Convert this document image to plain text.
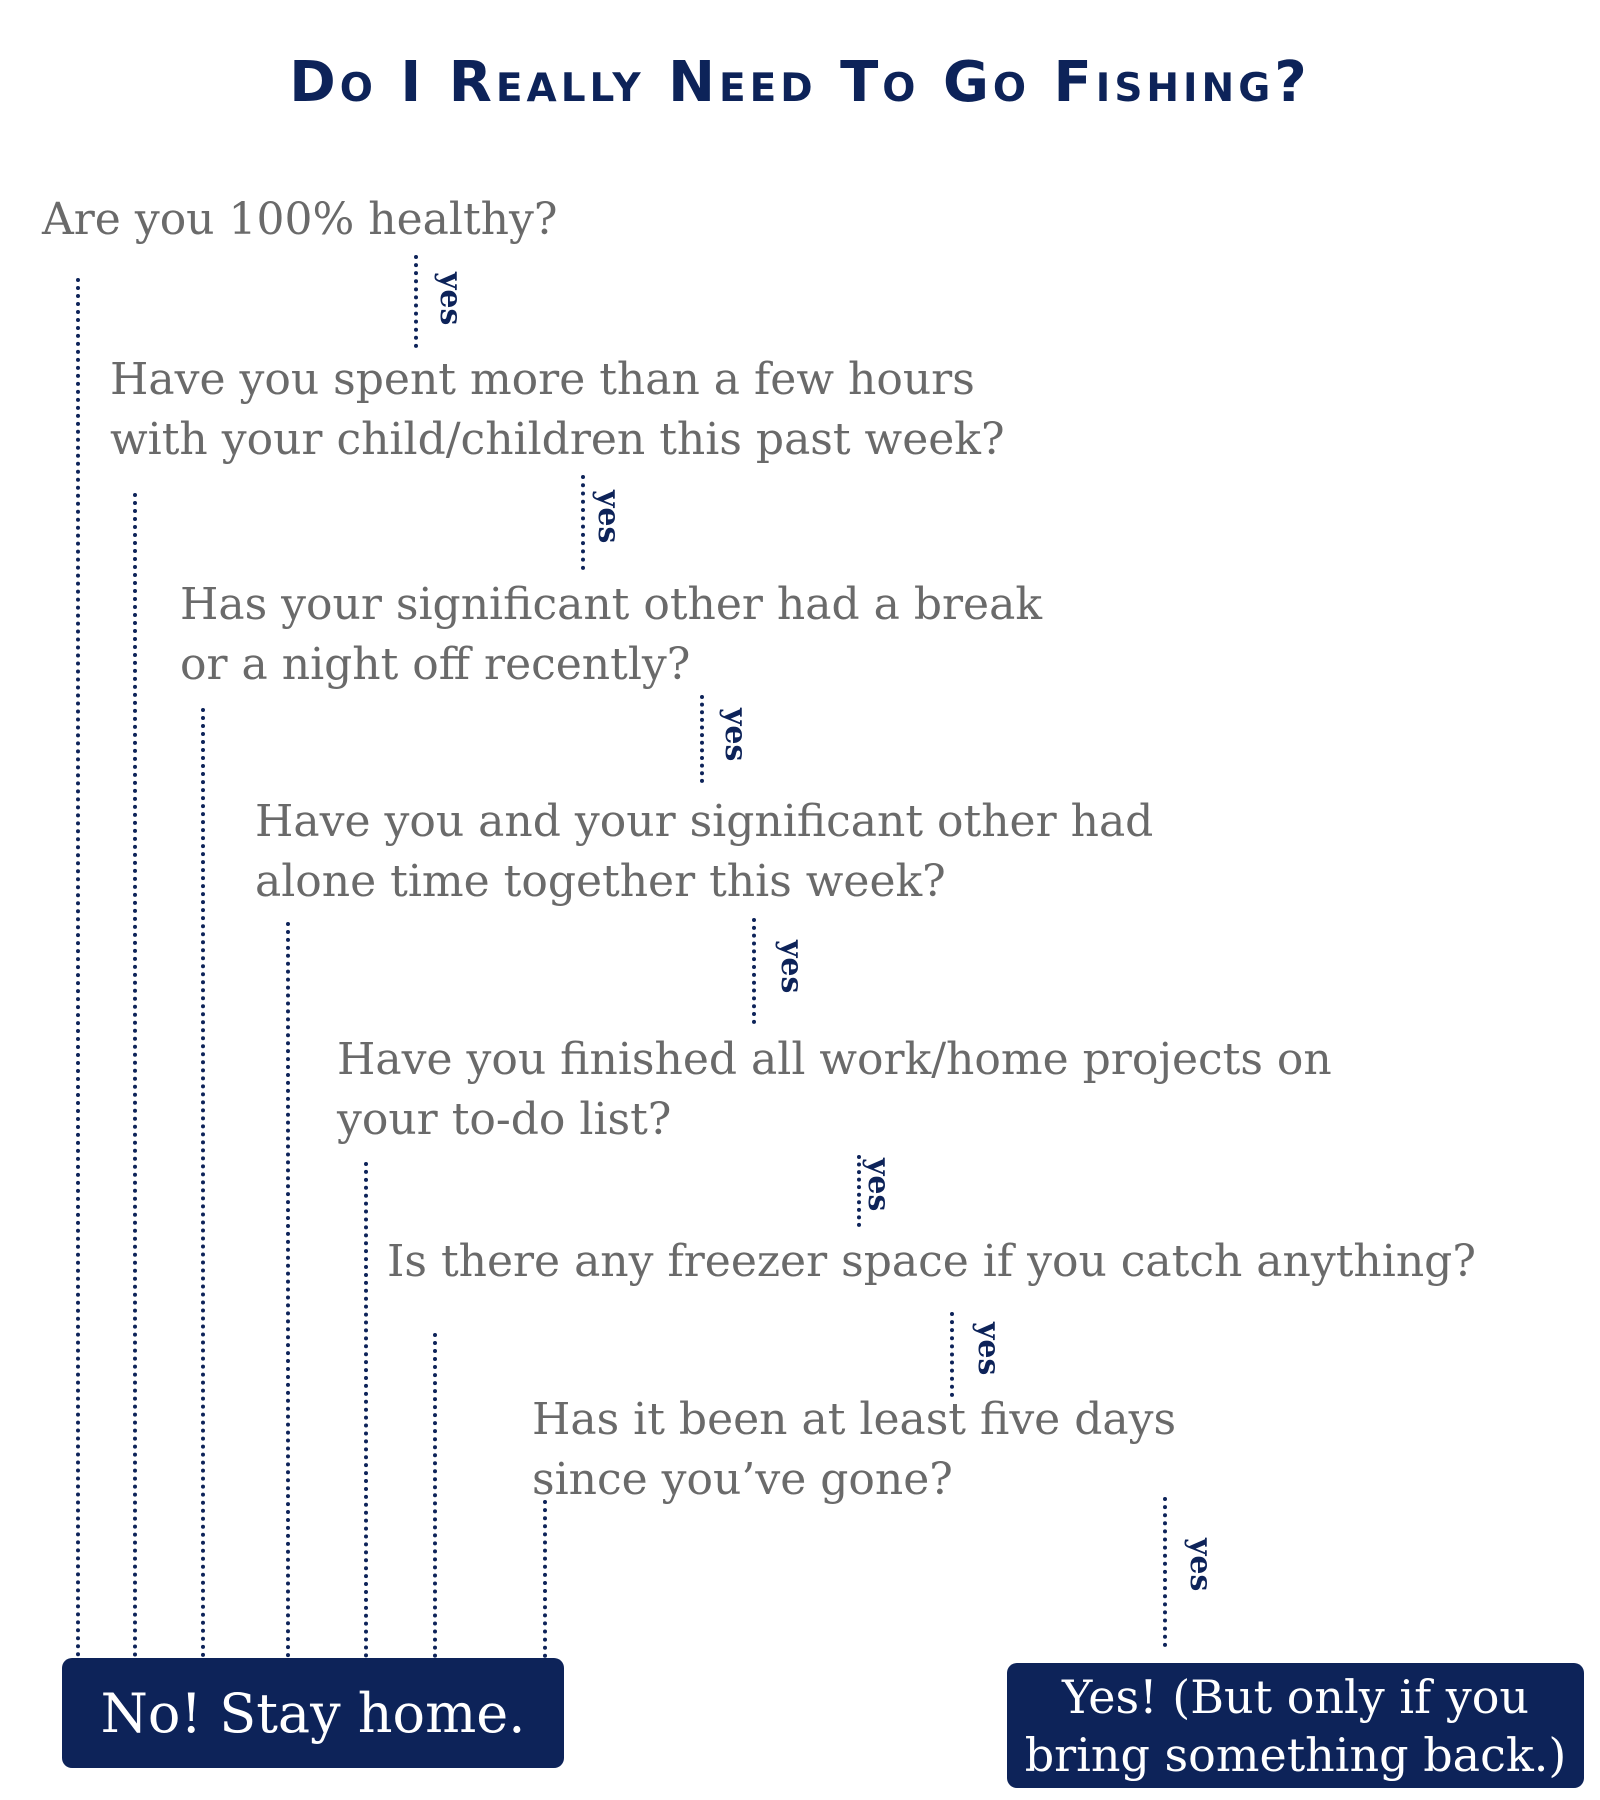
Do I Really Need To Go Fishing?
Are you 100% healthy?
Have you spent more than a few hours
with your child/children this past week?
Has your significant other had a break
or a night off recently?
Have you and your significant other had
alone time together this week?
Have you finished all work/home projects on
your to-do list?
Is there any freezer space if you catch anything?
Has it been at least five days
since you’ve gone?
yes
yes
yes
yes
yes
yes
yes
No! Stay home.	Yes! (But only if you
bring something back.)
